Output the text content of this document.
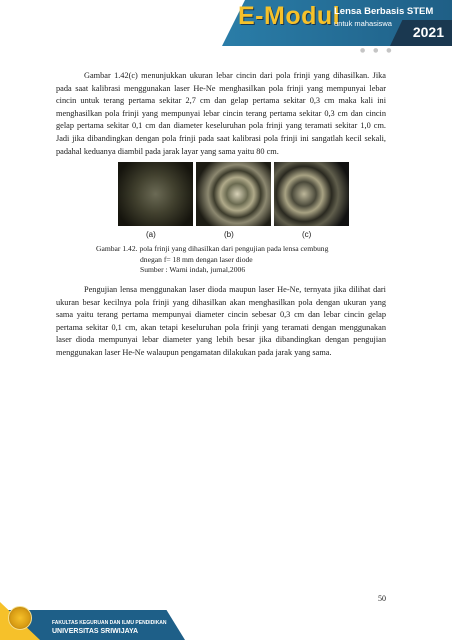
E-Modul
Lensa Berbasis STEM
untuk mahasiswa
2021
● ● ●

Gambar 1.42(c) menunjukkan ukuran lebar cincin dari pola frinji yang dihasilkan. Jika pada saat kalibrasi menggunakan laser He-Ne menghasilkan pola frinji yang mempunyai lebar cincin untuk terang pertama sekitar 2,7 cm dan gelap pertama sekitar 0,3 cm maka kali ini menghasilkan pola frinji yang mempunyai lebar cincin terang pertama sekitar 0,3 cm dan cincin gelap pertama sekitar 0,1 cm dan diameter keseluruhan pola frinji yang teramati sekitar 1,0 cm. Jadi jika dibandingkan dengan pola frinji pada saat kalibrasi pola frinji ini sangatlah kecil sekali, padahal keduanya diambil pada jarak layar yang sama yaitu 80 cm.

(a)	(b)	(c)
Gambar 1.42. pola frinji yang dihasilkan dari pengujian pada lensa cembung
dnegan f= 18 mm dengan laser diode
Sumber : Warni indah, jurnal,2006

Pengujian lensa menggunakan laser dioda maupun laser He-Ne, ternyata jika dilihat dari ukuran besar kecilnya pola frinji yang dihasilkan akan menghasilkan pola dengan ukuran yang sama yaitu terang pertama mempunyai diameter cincin sebesar 0,3 cm dan lebar cincin gelap pertama sekitar 0,1 cm, akan tetapi keseluruhan pola frinji yang teramati dengan menggunakan laser dioda mempunyai lebar diameter yang lebih besar jika dibandingkan dengan pengujian menggunakan laser He-Ne walaupun pengamatan dilakukan pada jarak yang sama.

50
FAKULTAS KEGURUAN DAN ILMU PENDIDIKAN
UNIVERSITAS SRIWIJAYA
